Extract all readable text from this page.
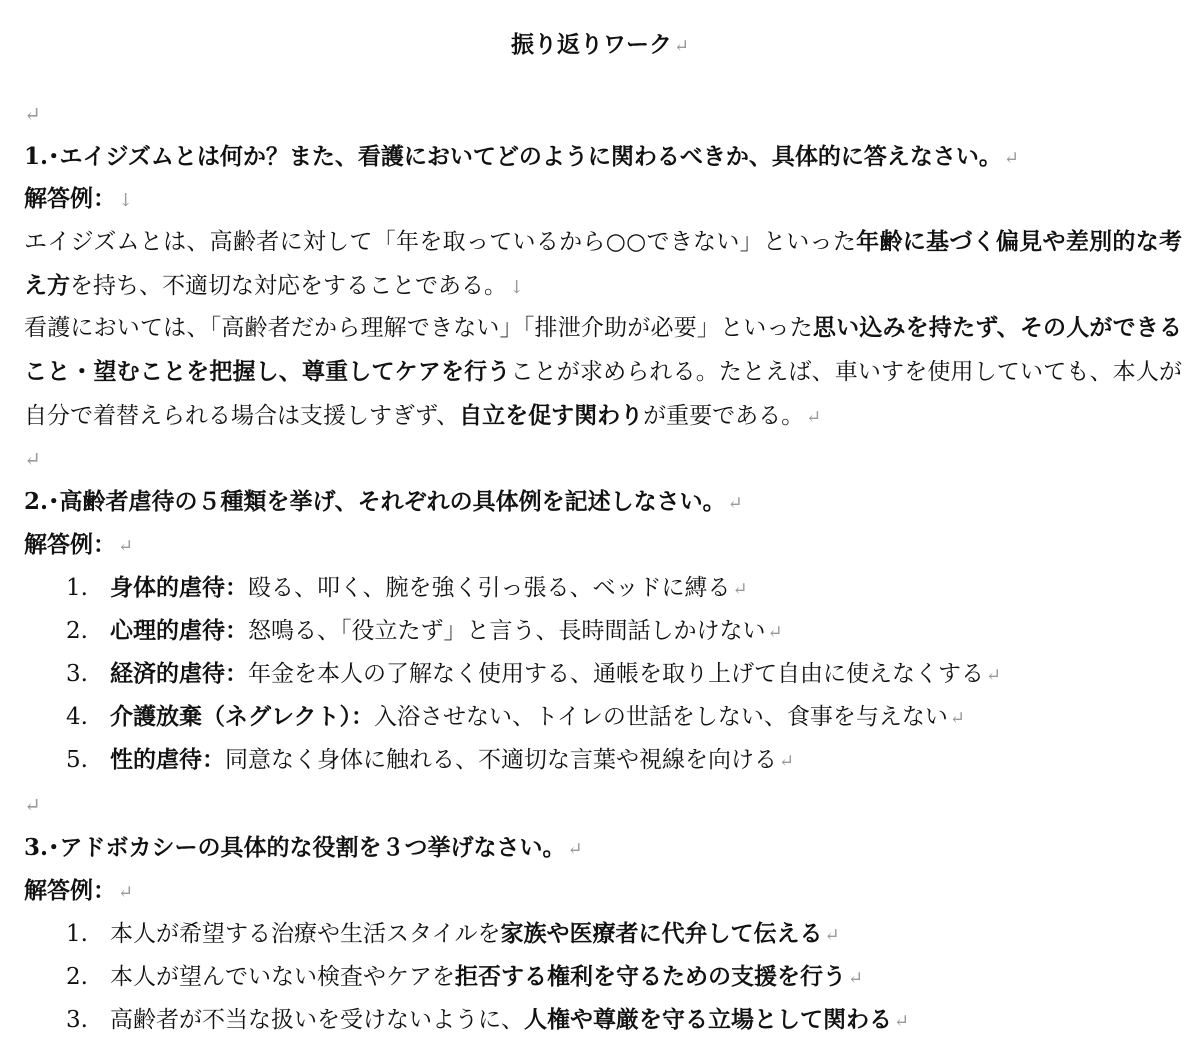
振り返りワーク ↵
↵
1.･エイジズムとは何か？また、看護においてどのように関わるべきか、具体的に答えなさい。 ↵
解答例： ↓
エイジズムとは、高齢者に対して「年を取っているから○○できない」といった年齢に基づく偏見や差別的な考え方を持ち、不適切な対応をすることである。 ↓
看護においては、「高齢者だから理解できない」「排泄介助が必要」といった思い込みを持たず、その人ができること・望むことを把握し、尊重してケアを行うことが求められる。たとえば、車いすを使用していても、本人が自分で着替えられる場合は支援しすぎず、自立を促す関わりが重要である。 ↵
↵
2.･高齢者虐待の５種類を挙げ、それぞれの具体例を記述しなさい。 ↵
解答例： ↵
1. 身体的虐待：殴る、叩く、腕を強く引っ張る、ベッドに縛る ↵
2. 心理的虐待：怒鳴る、「役立たず」と言う、長時間話しかけない ↵
3. 経済的虐待：年金を本人の了解なく使用する、通帳を取り上げて自由に使えなくする ↵
4. 介護放棄（ネグレクト）：入浴させない、トイレの世話をしない、食事を与えない ↵
5. 性的虐待：同意なく身体に触れる、不適切な言葉や視線を向ける ↵
↵
3.･アドボカシーの具体的な役割を３つ挙げなさい。 ↵
解答例： ↵
1. 本人が希望する治療や生活スタイルを家族や医療者に代弁して伝える ↵
2. 本人が望んでいない検査やケアを拒否する権利を守るための支援を行う ↵
3. 高齢者が不当な扱いを受けないように、人権や尊厳を守る立場として関わる ↵
